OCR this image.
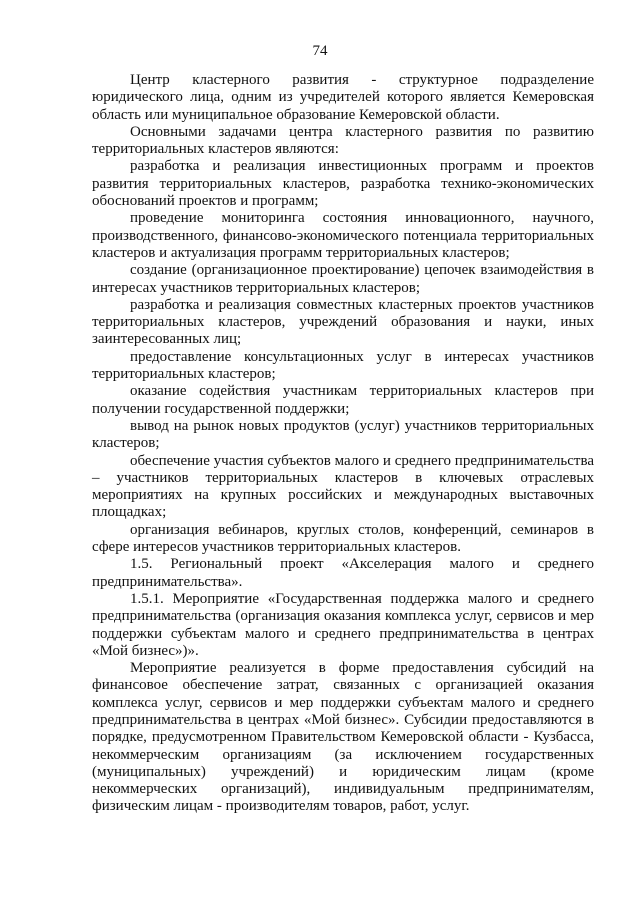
74

Центр кластерного развития - структурное подразделение юридического лица, одним из учредителей которого является Кемеровская область или муниципальное образование Кемеровской области.

Основными задачами центра кластерного развития по развитию территориальных кластеров являются:

разработка и реализация инвестиционных программ и проектов развития территориальных кластеров, разработка технико-экономических обоснований проектов и программ;

проведение мониторинга состояния инновационного, научного, производственного, финансово-экономического потенциала территориальных кластеров и актуализация программ территориальных кластеров;

создание (организационное проектирование) цепочек взаимодействия в интересах участников территориальных кластеров;

разработка и реализация совместных кластерных проектов участников территориальных кластеров, учреждений образования и науки, иных заинтересованных лиц;

предоставление консультационных услуг в интересах участников территориальных кластеров;

оказание содействия участникам территориальных кластеров при получении государственной поддержки;

вывод на рынок новых продуктов (услуг) участников территориальных кластеров;

обеспечение участия субъектов малого и среднего предпринимательства – участников территориальных кластеров в ключевых отраслевых мероприятиях на крупных российских и международных выставочных площадках;

организация вебинаров, круглых столов, конференций, семинаров в сфере интересов участников территориальных кластеров.

1.5. Региональный проект «Акселерация малого и среднего предпринимательства».

1.5.1. Мероприятие «Государственная поддержка малого и среднего предпринимательства (организация оказания комплекса услуг, сервисов и мер поддержки субъектам малого и среднего предпринимательства в центрах «Мой бизнес»)».

Мероприятие реализуется в форме предоставления субсидий на финансовое обеспечение затрат, связанных с организацией оказания комплекса услуг, сервисов и мер поддержки субъектам малого и среднего предпринимательства в центрах «Мой бизнес». Субсидии предоставляются в порядке, предусмотренном Правительством Кемеровской области - Кузбасса, некоммерческим организациям (за исключением государственных (муниципальных) учреждений) и юридическим лицам (кроме некоммерческих организаций), индивидуальным предпринимателям, физическим лицам - производителям товаров, работ, услуг.
